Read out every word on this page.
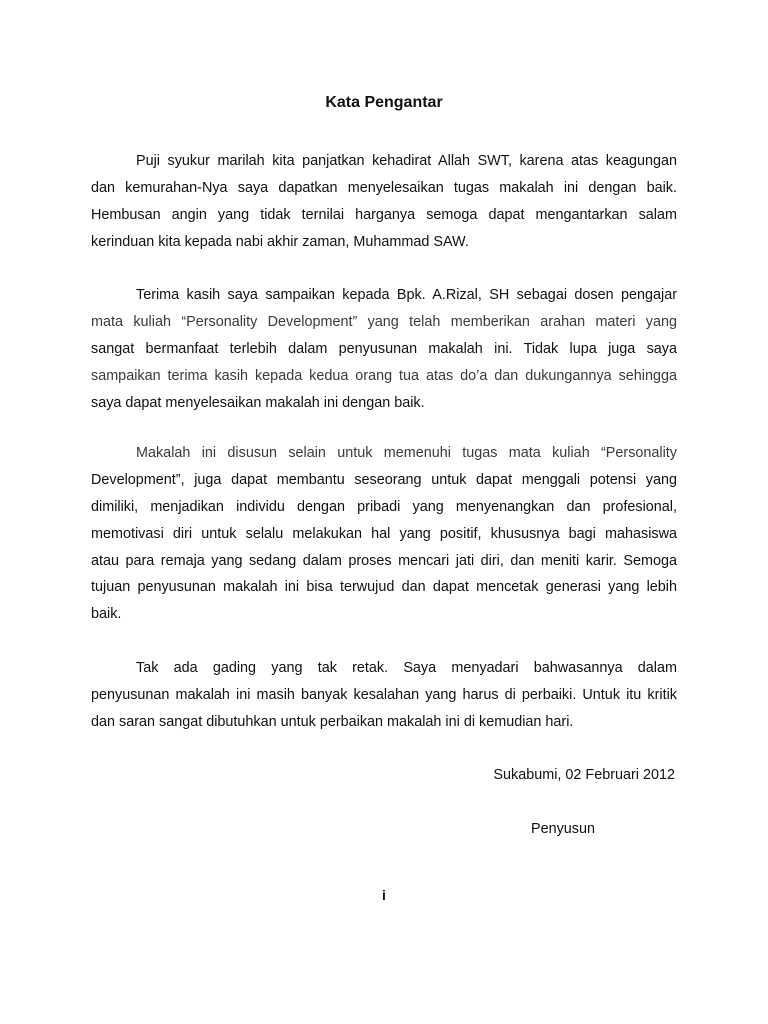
Kata Pengantar
Puji syukur marilah kita panjatkan kehadirat Allah SWT, karena atas keagungan
dan kemurahan-Nya saya dapatkan menyelesaikan tugas makalah ini dengan baik.
Hembusan angin yang tidak ternilai harganya semoga dapat mengantarkan salam
kerinduan kita kepada nabi akhir zaman, Muhammad SAW.
Terima kasih saya sampaikan kepada Bpk. A.Rizal, SH sebagai dosen pengajar
mata kuliah “Personality Development” yang telah memberikan arahan materi yang
sangat bermanfaat terlebih dalam penyusunan makalah ini. Tidak lupa juga saya
sampaikan terima kasih kepada kedua orang tua atas do’a dan dukungannya sehingga
saya dapat menyelesaikan makalah ini dengan baik.
Makalah ini disusun selain untuk memenuhi tugas mata kuliah “Personality
Development”, juga dapat membantu seseorang untuk dapat menggali potensi yang
dimiliki, menjadikan individu dengan pribadi yang menyenangkan dan profesional,
memotivasi diri untuk selalu melakukan hal yang positif, khususnya bagi mahasiswa
atau para remaja yang sedang dalam proses mencari jati diri, dan meniti karir. Semoga
tujuan penyusunan makalah ini bisa terwujud dan dapat mencetak generasi yang lebih
baik.
Tak ada gading yang tak retak. Saya menyadari bahwasannya dalam
penyusunan makalah ini masih banyak kesalahan yang harus di perbaiki. Untuk itu kritik
dan saran sangat dibutuhkan untuk perbaikan makalah ini di kemudian hari.
Sukabumi, 02 Februari 2012
Penyusun
i
